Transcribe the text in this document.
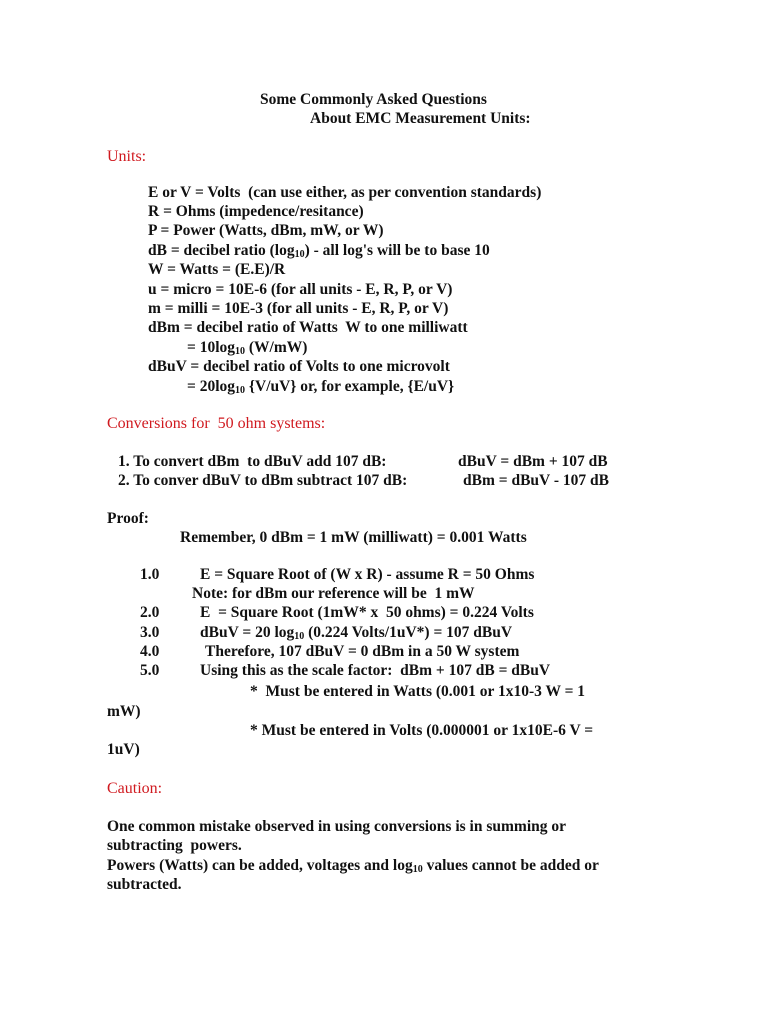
Some Commonly Asked Questions
About EMC Measurement Units:
Units:
E or V = Volts  (can use either, as per convention standards)
R = Ohms (impedence/resitance)
P = Power (Watts, dBm, mW, or W)
dB = decibel ratio (log10) - all log's will be to base 10
W = Watts = (E.E)/R
u = micro = 10E-6 (for all units - E, R, P, or V)
m = milli = 10E-3 (for all units - E, R, P, or V)
dBm = decibel ratio of Watts  W to one milliwatt
= 10log10 (W/mW)
dBuV = decibel ratio of Volts to one microvolt
= 20log10 {V/uV} or, for example, {E/uV}
Conversions for  50 ohm systems:
1. To convert dBm  to dBuV add 107 dB:	dBuV = dBm + 107 dB
2. To conver dBuV to dBm subtract 107 dB:	dBm = dBuV - 107 dB
Proof:
Remember, 0 dBm = 1 mW (milliwatt) = 0.001 Watts
1.0	E = Square Root of (W x R) - assume R = 50 Ohms
Note: for dBm our reference will be  1 mW
2.0	E  = Square Root (1mW* x  50 ohms) = 0.224 Volts
3.0	dBuV = 20 log10 (0.224 Volts/1uV*) = 107 dBuV
4.0	Therefore, 107 dBuV = 0 dBm in a 50 W system
5.0	Using this as the scale factor:  dBm + 107 dB = dBuV
*  Must be entered in Watts (0.001 or 1x10-3 W = 1
mW)
* Must be entered in Volts (0.000001 or 1x10E-6 V =
1uV)
Caution:
One common mistake observed in using conversions is in summing or
subtracting  powers.
Powers (Watts) can be added, voltages and log10 values cannot be added or
subtracted.
